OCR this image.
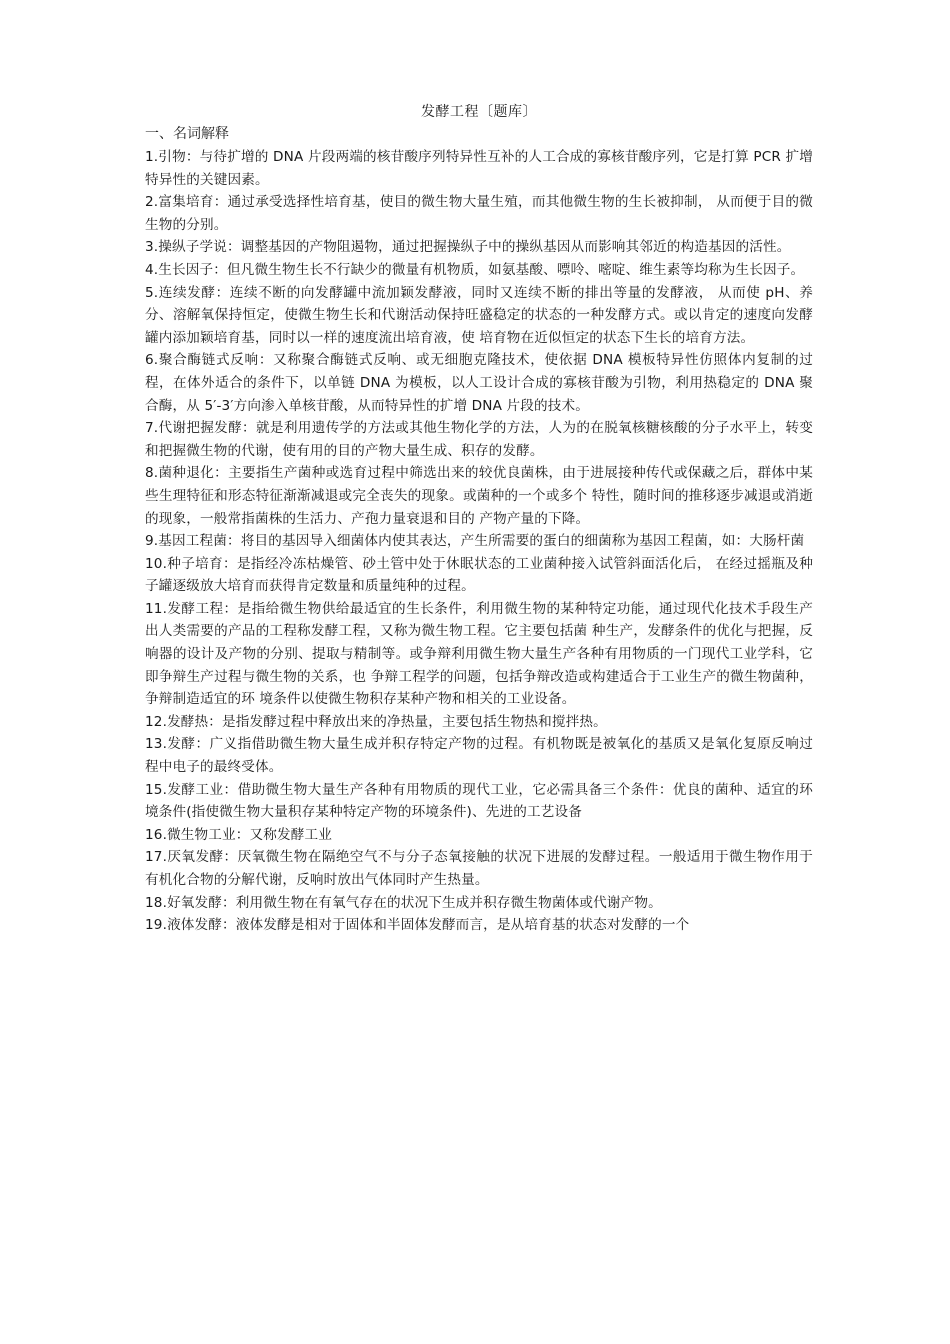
发酵工程〔题库〕
一、名词解释

1.引物：与待扩增的 DNA 片段两端的核苷酸序列特异性互补的人工合成的寡核苷酸序列，它是打算 PCR 扩增特异性的关键因素。

2.富集培育：通过承受选择性培育基，使目的微生物大量生殖，而其他微生物的生长被抑制， 从而便于目的微生物的分别。

3.操纵子学说：调整基因的产物阻遏物，通过把握操纵子中的操纵基因从而影响其邻近的构造基因的活性。

4.生长因子：但凡微生物生长不行缺少的微量有机物质，如氨基酸、嘌呤、嘧啶、维生素等均称为生长因子。

5.连续发酵：连续不断的向发酵罐中流加颖发酵液，同时又连续不断的排出等量的发酵液， 从而使 pH、养分、溶解氧保持恒定，使微生物生长和代谢活动保持旺盛稳定的状态的一种发酵方式。或以肯定的速度向发酵罐内添加颖培育基，同时以一样的速度流出培育液，使 培育物在近似恒定的状态下生长的培育方法。

6.聚合酶链式反响：又称聚合酶链式反响、或无细胞克隆技术，使依据 DNA 模板特异性仿照体内复制的过程，在体外适合的条件下，以单链 DNA 为模板，以人工设计合成的寡核苷酸为引物，利用热稳定的 DNA 聚合酶，从 5′-3′方向渗入单核苷酸，从而特异性的扩增 DNA 片段的技术。

7.代谢把握发酵：就是利用遗传学的方法或其他生物化学的方法，人为的在脱氧核糖核酸的分子水平上，转变和把握微生物的代谢，使有用的目的产物大量生成、积存的发酵。

8.菌种退化：主要指生产菌种或选育过程中筛选出来的较优良菌株，由于进展接种传代或保藏之后，群体中某些生理特征和形态特征渐渐减退或完全丧失的现象。或菌种的一个或多个 特性，随时间的推移逐步减退或消逝的现象，一般常指菌株的生活力、产孢力量衰退和目的 产物产量的下降。

9.基因工程菌：将目的基因导入细菌体内使其表达，产生所需要的蛋白的细菌称为基因工程菌，如：大肠杆菌

10.种子培育：是指经冷冻枯燥管、砂土管中处于休眠状态的工业菌种接入试管斜面活化后， 在经过摇瓶及种子罐逐级放大培育而获得肯定数量和质量纯种的过程。

11.发酵工程：是指给微生物供给最适宜的生长条件，利用微生物的某种特定功能，通过现代化技术手段生产出人类需要的产品的工程称发酵工程，又称为微生物工程。它主要包括菌 种生产，发酵条件的优化与把握，反响器的设计及产物的分别、提取与精制等。或争辩利用微生物大量生产各种有用物质的一门现代工业学科，它即争辩生产过程与微生物的关系，也 争辩工程学的问题，包括争辩改造或构建适合于工业生产的微生物菌种，争辩制造适宜的环 境条件以使微生物积存某种产物和相关的工业设备。

12.发酵热：是指发酵过程中释放出来的净热量，主要包括生物热和搅拌热。

13.发酵：广义指借助微生物大量生成并积存特定产物的过程。有机物既是被氧化的基质又是氧化复原反响过程中电子的最终受体。

15.发酵工业：借助微生物大量生产各种有用物质的现代工业，它必需具备三个条件：优良的菌种、适宜的环境条件(指使微生物大量积存某种特定产物的环境条件)、先进的工艺设备

16.微生物工业：又称发酵工业

17.厌氧发酵：厌氧微生物在隔绝空气不与分子态氧接触的状况下进展的发酵过程。一般适用于微生物作用于有机化合物的分解代谢，反响时放出气体同时产生热量。

18.好氧发酵：利用微生物在有氧气存在的状况下生成并积存微生物菌体或代谢产物。

19.液体发酵：液体发酵是相对于固体和半固体发酵而言，是从培育基的状态对发酵的一个
